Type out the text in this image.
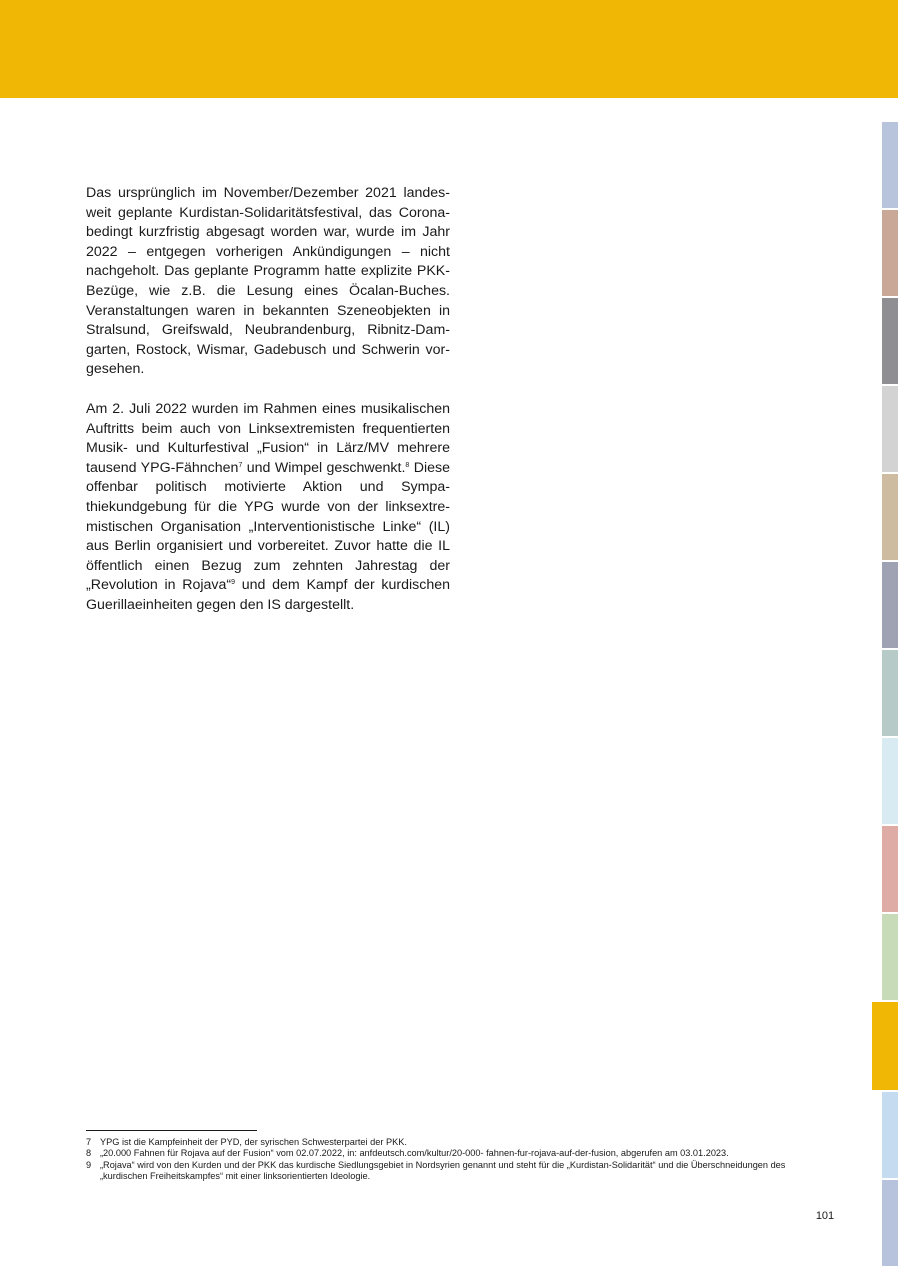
Das ursprünglich im November/Dezember 2021 landesweit geplante Kurdistan-Solidaritätsfestival, das Corona-bedingt kurzfristig abgesagt worden war, wurde im Jahr 2022 – entgegen vorherigen Ankündigungen – nicht nachgeholt. Das geplante Programm hatte explizite PKK-Bezüge, wie z.B. die Lesung eines Öcalan-Buches. Veranstaltungen waren in bekannten Szeneobjekten in Stralsund, Greifswald, Neubrandenburg, Ribnitz-Damgarten, Rostock, Wismar, Gadebusch und Schwerin vorgesehen.

Am 2. Juli 2022 wurden im Rahmen eines musikalischen Auftritts beim auch von Linksextremisten frequentierten Musik- und Kulturfestival „Fusion“ in Lärz/MV mehrere tausend YPG-Fähnchen$^7$ und Wimpel geschwenkt.$^8$ Diese offenbar politisch motivierte Aktion und Sympathiekundgebung für die YPG wurde von der linksextremistischen Organisation „Interventionistische Linke“ (IL) aus Berlin organisiert und vorbereitet. Zuvor hatte die IL öffentlich einen Bezug zum zehnten Jahrestag der „Revolution in Rojava“$^9$ und dem Kampf der kurdischen Guerillaeinheiten gegen den IS dargestellt.

7 YPG ist die Kampfeinheit der PYD, der syrischen Schwesterpartei der PKK.
8 „20.000 Fahnen für Rojava auf der Fusion“ vom 02.07.2022, in: anfdeutsch.com/kultur/20-000- fahnen-fur-rojava-auf-der-fusion, abgerufen am 03.01.2023.
9 „Rojava“ wird von den Kurden und der PKK das kurdische Siedlungsgebiet in Nordsyrien genannt und steht für die „Kurdistan-Solidarität“ und die Überschneidungen des „kurdischen Freiheitskampfes“ mit einer linksorientierten Ideologie.
101
